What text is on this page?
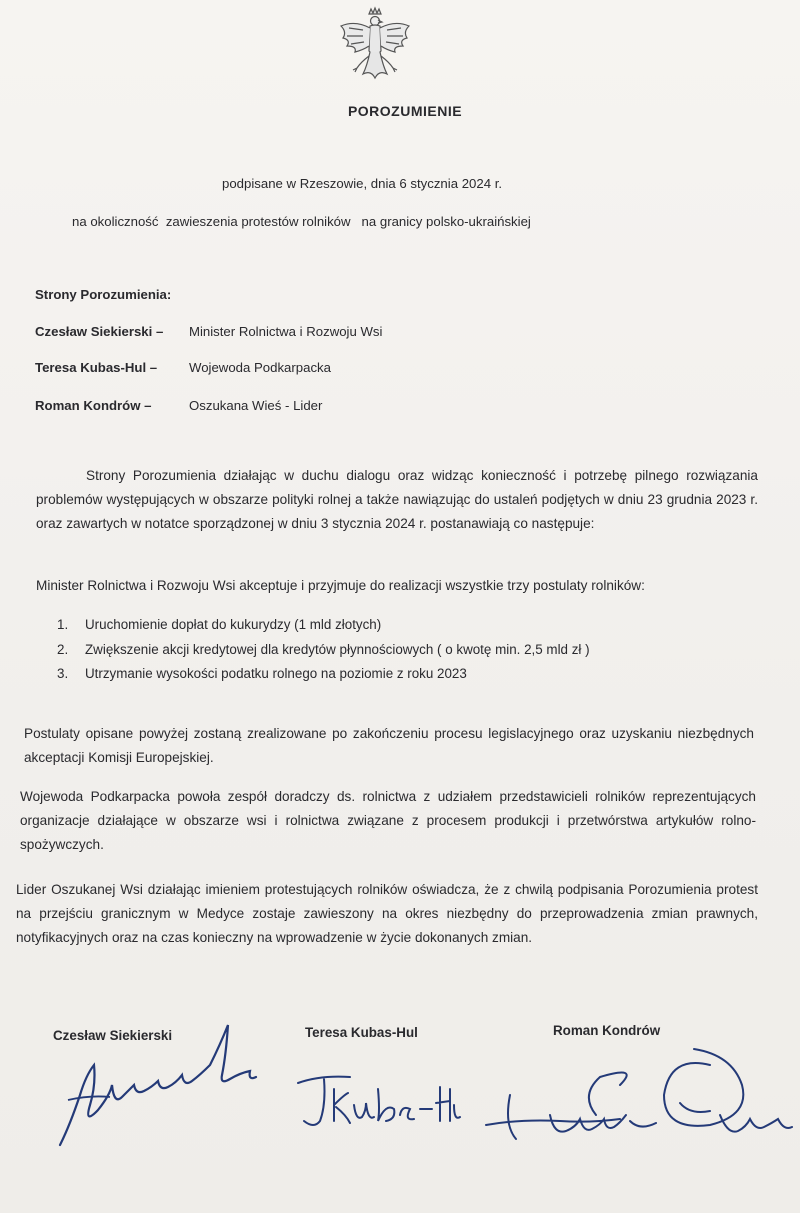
POROZUMIENIE
podpisane w Rzeszowie, dnia 6 stycznia 2024 r.
na okoliczność  zawieszenia protestów rolników   na granicy polsko-ukraińskiej
Strony Porozumienia:
Czesław Siekierski – Minister Rolnictwa i Rozwoju Wsi
Teresa Kubas-Hul – Wojewoda Podkarpacka
Roman Kondrów –	Oszukana Wieś - Lider
Strony Porozumienia działając w duchu dialogu oraz widząc konieczność i potrzebę pilnego rozwiązania problemów występujących w obszarze polityki rolnej a także nawiązując do ustaleń podjętych w dniu 23 grudnia 2023 r. oraz zawartych w notatce sporządzonej w dniu 3 stycznia 2024 r. postanawiają co następuje:
Minister Rolnictwa i Rozwoju Wsi akceptuje i przyjmuje do realizacji wszystkie trzy postulaty rolników:
1. Uruchomienie dopłat do kukurydzy (1 mld złotych)
2. Zwiększenie akcji kredytowej dla kredytów płynnościowych ( o kwotę min. 2,5 mld zł )
3. Utrzymanie wysokości podatku rolnego na poziomie z roku 2023
Postulaty opisane powyżej zostaną zrealizowane po zakończeniu procesu legislacyjnego oraz uzyskaniu niezbędnych akceptacji Komisji Europejskiej.
Wojewoda Podkarpacka powoła zespół doradczy ds. rolnictwa z udziałem przedstawicieli rolników reprezentujących organizacje działające w obszarze wsi i rolnictwa związane z procesem produkcji i przetwórstwa artykułów rolno-spożywczych.
Lider Oszukanej Wsi działając imieniem protestujących rolników oświadcza, że z chwilą podpisania Porozumienia protest na przejściu granicznym w Medyce zostaje zawieszony na okres niezbędny do przeprowadzenia zmian prawnych, notyfikacyjnych oraz na czas konieczny na wprowadzenie w życie dokonanych zmian.
Czesław Siekierski	Teresa Kubas-Hul	Roman Kondrów
